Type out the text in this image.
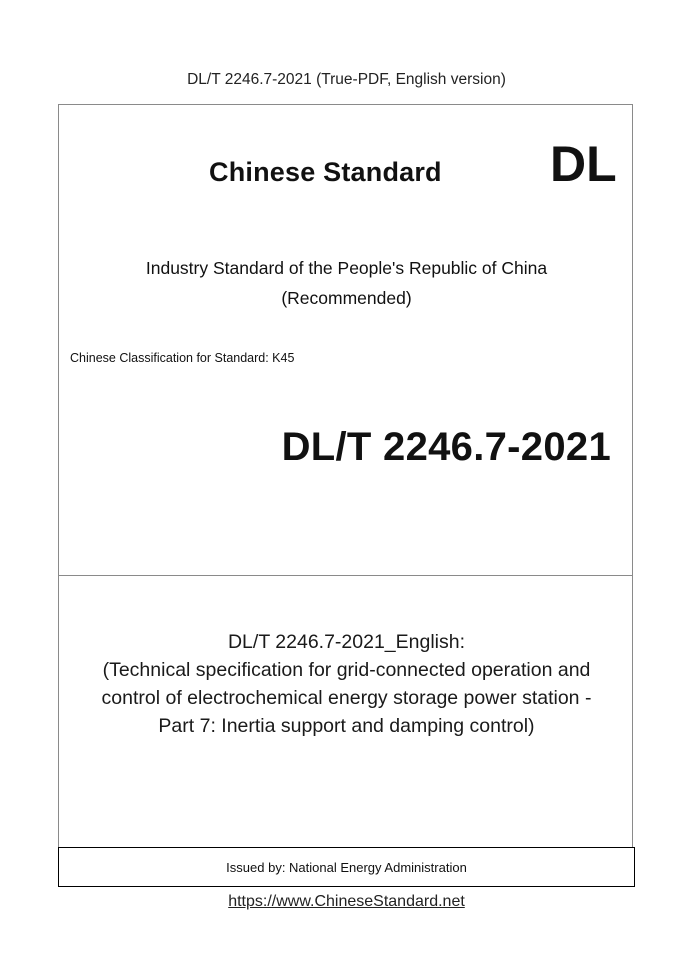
DL/T 2246.7-2021 (True-PDF, English version)
Chinese Standard DL
Industry Standard of the People's Republic of China
(Recommended)
Chinese Classification for Standard: K45
DL/T 2246.7-2021
DL/T 2246.7-2021_English:
(Technical specification for grid-connected operation and
control of electrochemical energy storage power station -
Part 7: Inertia support and damping control)
Issued by: National Energy Administration
https://www.ChineseStandard.net
